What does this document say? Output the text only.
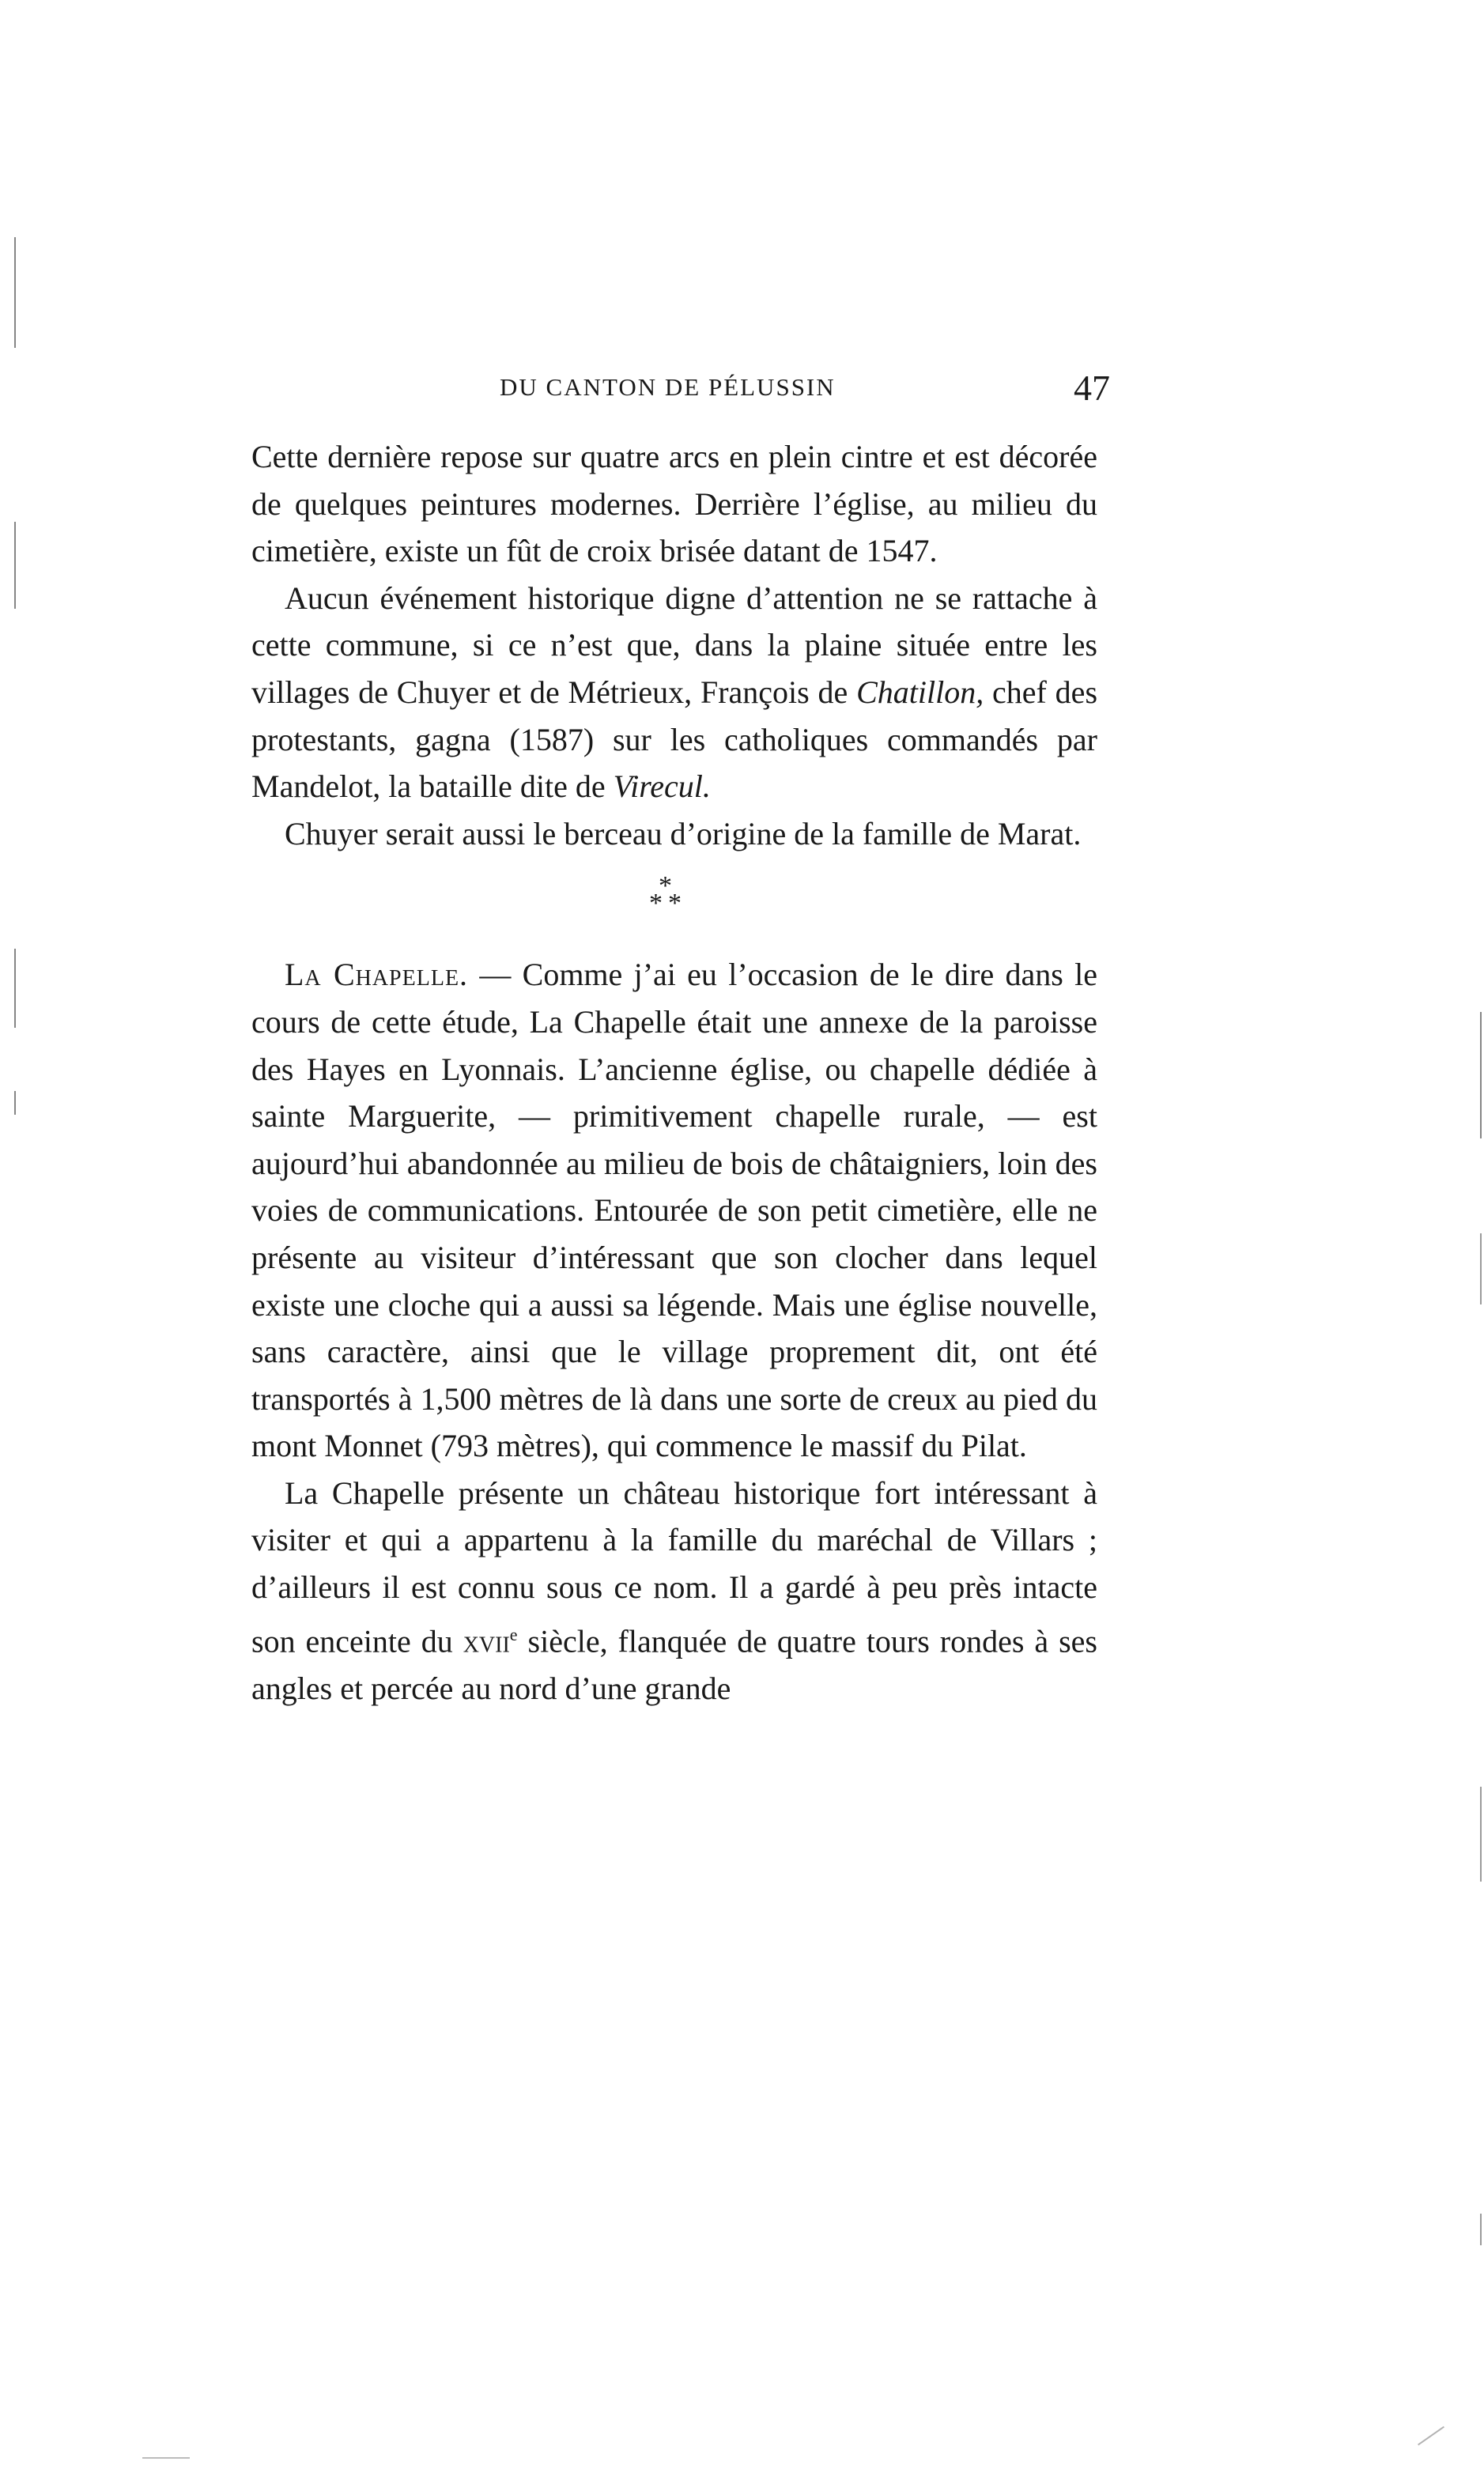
DU CANTON DE PÉLUSSIN	47

Cette dernière repose sur quatre arcs en plein cintre et est décorée de quelques peintures modernes. Derrière l’église, au milieu du cimetière, existe un fût de croix brisée datant de 1547.

Aucun événement historique digne d’attention ne se rattache à cette commune, si ce n’est que, dans la plaine située entre les villages de Chuyer et de Métrieux, François de Chatillon, chef des protestants, gagna (1587) sur les catholiques commandés par Mandelot, la bataille dite de Virecul.

Chuyer serait aussi le berceau d’origine de la famille de Marat.

*
* *

La Chapelle. — Comme j’ai eu l’occasion de le dire dans le cours de cette étude, La Chapelle était une annexe de la paroisse des Hayes en Lyonnais. L’ancienne église, ou chapelle dédiée à sainte Marguerite, — primitivement chapelle rurale, — est aujourd’hui abandonnée au milieu de bois de châtaigniers, loin des voies de communications. Entourée de son petit cimetière, elle ne présente au visiteur d’intéressant que son clocher dans lequel existe une cloche qui a aussi sa légende. Mais une église nouvelle, sans caractère, ainsi que le village proprement dit, ont été transportés à 1,500 mètres de là dans une sorte de creux au pied du mont Monnet (793 mètres), qui commence le massif du Pilat.

La Chapelle présente un château historique fort intéressant à visiter et qui a appartenu à la famille du maréchal de Villars ; d’ailleurs il est connu sous ce nom. Il a gardé à peu près intacte son enceinte du xvii$^e$ siècle, flanquée de quatre tours rondes à ses angles et percée au nord d’une grande
